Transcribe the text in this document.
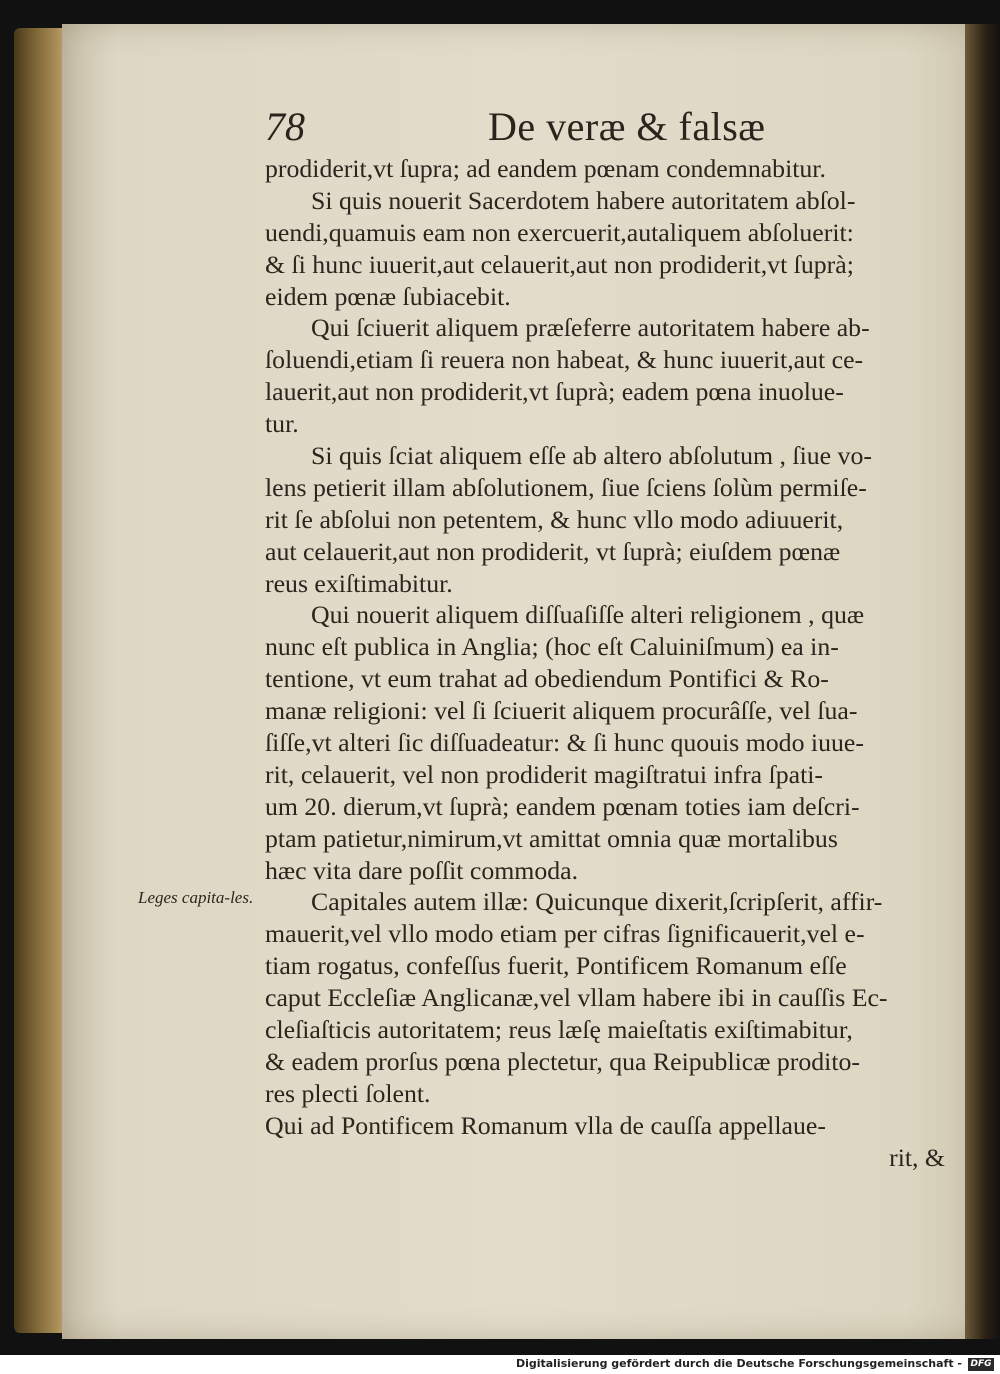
78	De veræ & falsæ
Leges capita-les.
prodiderit,vt ſupra; ad eandem pœnam condemnabitur.
Si quis nouerit Sacerdotem habere autoritatem abſol-
uendi,quamuis eam non exercuerit,autaliquem abſoluerit:
& ſi hunc iuuerit,aut celauerit,aut non prodiderit,vt ſuprà;
eidem pœnæ ſubiacebit.
Qui ſciuerit aliquem præſeferre autoritatem habere ab-
ſoluendi,etiam ſi reuera non habeat, & hunc iuuerit,aut ce-
lauerit,aut non prodiderit,vt ſuprà; eadem pœna inuolue-
tur.
Si quis ſciat aliquem eſſe ab altero abſolutum , ſiue vo-
lens petierit illam abſolutionem, ſiue ſciens ſolùm permiſe-
rit ſe abſolui non petentem, & hunc vllo modo adiuuerit,
aut celauerit,aut non prodiderit, vt ſuprà; eiuſdem pœnæ
reus exiſtimabitur.
Qui nouerit aliquem diſſuaſiſſe alteri religionem , quæ
nunc eſt publica in Anglia; (hoc eſt Caluiniſmum) ea in-
tentione, vt eum trahat ad obediendum Pontifici & Ro-
manæ religioni: vel ſi ſciuerit aliquem procurâſſe, vel ſua-
ſiſſe,vt alteri ſic diſſuadeatur: & ſi hunc quouis modo iuue-
rit, celauerit, vel non prodiderit magiſtratui infra ſpati-
um 20. dierum,vt ſuprà; eandem pœnam toties iam deſcri-
ptam patietur,nimirum,vt amittat omnia quæ mortalibus
hæc vita dare poſſit commoda.
Capitales autem illæ: Quicunque dixerit,ſcripſerit, affir-
mauerit,vel vllo modo etiam per cifras ſignificauerit,vel e-
tiam rogatus, confeſſus fuerit, Pontificem Romanum eſſe
caput Eccleſiæ Anglicanæ,vel vllam habere ibi in cauſſis Ec-
cleſiaſticis autoritatem; reus læſę maieſtatis exiſtimabitur,
& eadem prorſus pœna plectetur, qua Reipublicæ prodito-
res plecti ſolent.
Qui ad Pontificem Romanum vlla de cauſſa appellaue-
rit, &
Digitalisierung gefördert durch die Deutsche Forschungsgemeinschaft - DFG
